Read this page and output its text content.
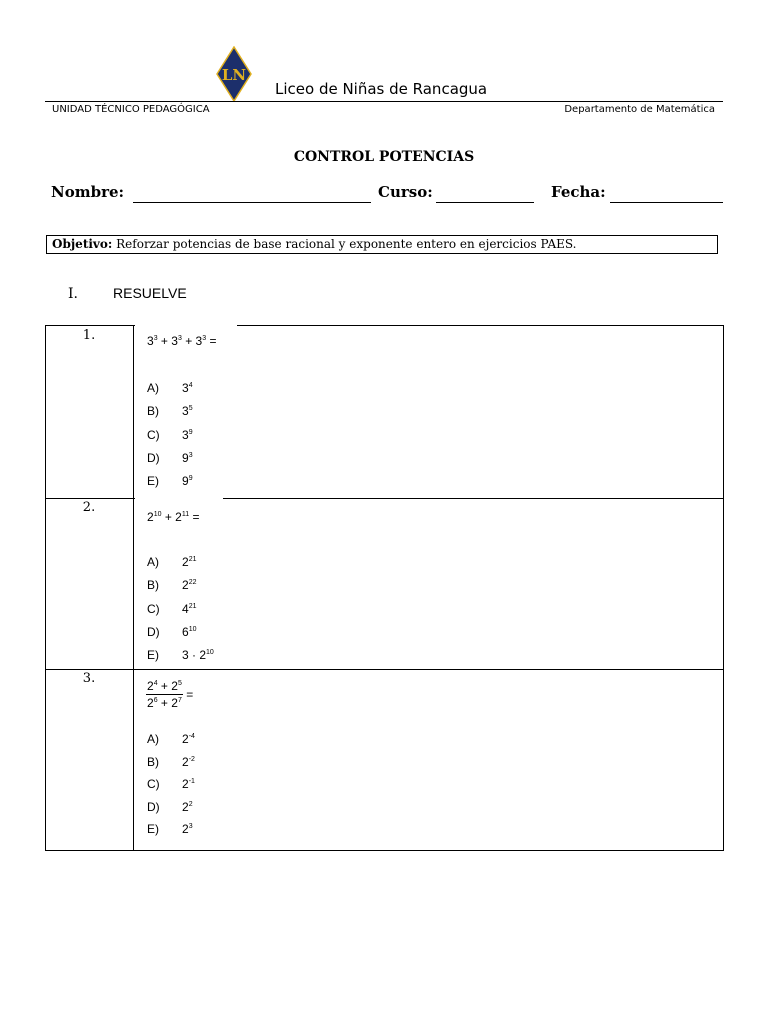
LN
Liceo de Niñas de Rancagua
UNIDAD TÉCNICO PEDAGÓGICA	Departamento de Matemática
CONTROL POTENCIAS
Nombre:	Curso:	Fecha:
Objetivo: Reforzar potencias de base racional y exponente entero en ejercicios PAES.
I.	RESUELVE
1.	$3^3 + 3^3 + 3^3$ =
A) $3^4$
B) $3^5$
C) $3^9$
D) $9^3$
E) $9^9$
2.
$2^{10} + 2^{11}$ =
A) $2^{21}$
B) $2^{22}$
C) $4^{21}$
D) $6^{10}$
E) $3 \cdot 2^{10}$
3.
$\frac{2^4 + 2^5}{2^6 + 2^7}$ =
A) $2^{-4}$
B) $2^{-2}$
C) $2^{-1}$
D) $2^2$
E) $2^3$
